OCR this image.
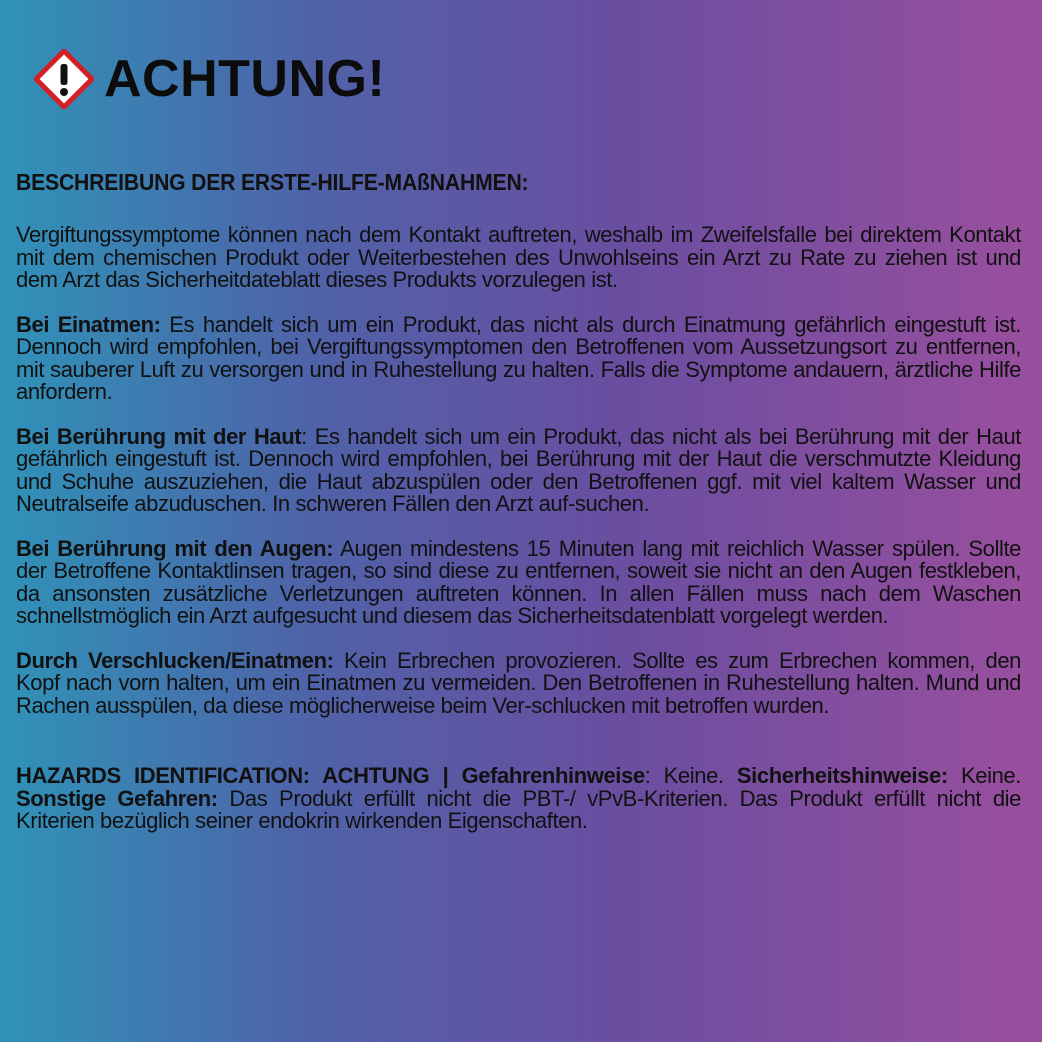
ACHTUNG!
BESCHREIBUNG DER ERSTE-HILFE-MAßNAHMEN:

Vergiftungssymptome können nach dem Kontakt auftreten, weshalb im Zweifelsfalle bei direktem Kontakt mit dem chemischen Produkt oder Weiterbestehen des Unwohlseins ein Arzt zu Rate zu ziehen ist und dem Arzt das Sicherheitdateblatt dieses Produkts vorzulegen ist.

Bei Einatmen: Es handelt sich um ein Produkt, das nicht als durch Einatmung gefährlich eingestuft ist. Dennoch wird empfohlen, bei Vergiftungssymptomen den Betroffenen vom Aussetzungsort zu entfernen, mit sauberer Luft zu versorgen und in Ruhestellung zu halten. Falls die Symptome andauern, ärztliche Hilfe anfordern.

Bei Berührung mit der Haut: Es handelt sich um ein Produkt, das nicht als bei Berührung mit der Haut gefährlich eingestuft ist. Dennoch wird empfohlen, bei Berührung mit der Haut die verschmutzte Kleidung und Schuhe auszuziehen, die Haut abzuspülen oder den Betroffenen ggf. mit viel kaltem Wasser und Neutralseife abzuduschen. In schweren Fällen den Arzt auf-suchen.

Bei Berührung mit den Augen: Augen mindestens 15 Minuten lang mit reichlich Wasser spülen. Sollte der Betroffene Kontaktlinsen tragen, so sind diese zu entfernen, soweit sie nicht an den Augen festkleben, da ansonsten zusätzliche Verletzungen auftreten können. In allen Fällen muss nach dem Waschen schnellstmöglich ein Arzt aufgesucht und diesem das Sicherheitsdatenblatt vorgelegt werden.

Durch Verschlucken/Einatmen: Kein Erbrechen provozieren. Sollte es zum Erbrechen kommen, den Kopf nach vorn halten, um ein Einatmen zu vermeiden. Den Betroffenen in Ruhestellung halten. Mund und Rachen ausspülen, da diese möglicherweise beim Ver-schlucken mit betroffen wurden.

HAZARDS IDENTIFICATION: ACHTUNG | Gefahrenhinweise: Keine. Sicherheitshinweise: Keine. Sonstige Gefahren: Das Produkt erfüllt nicht die PBT-/ vPvB-Kriterien. Das Produkt erfüllt nicht die Kriterien bezüglich seiner endokrin wirkenden Eigenschaften.
